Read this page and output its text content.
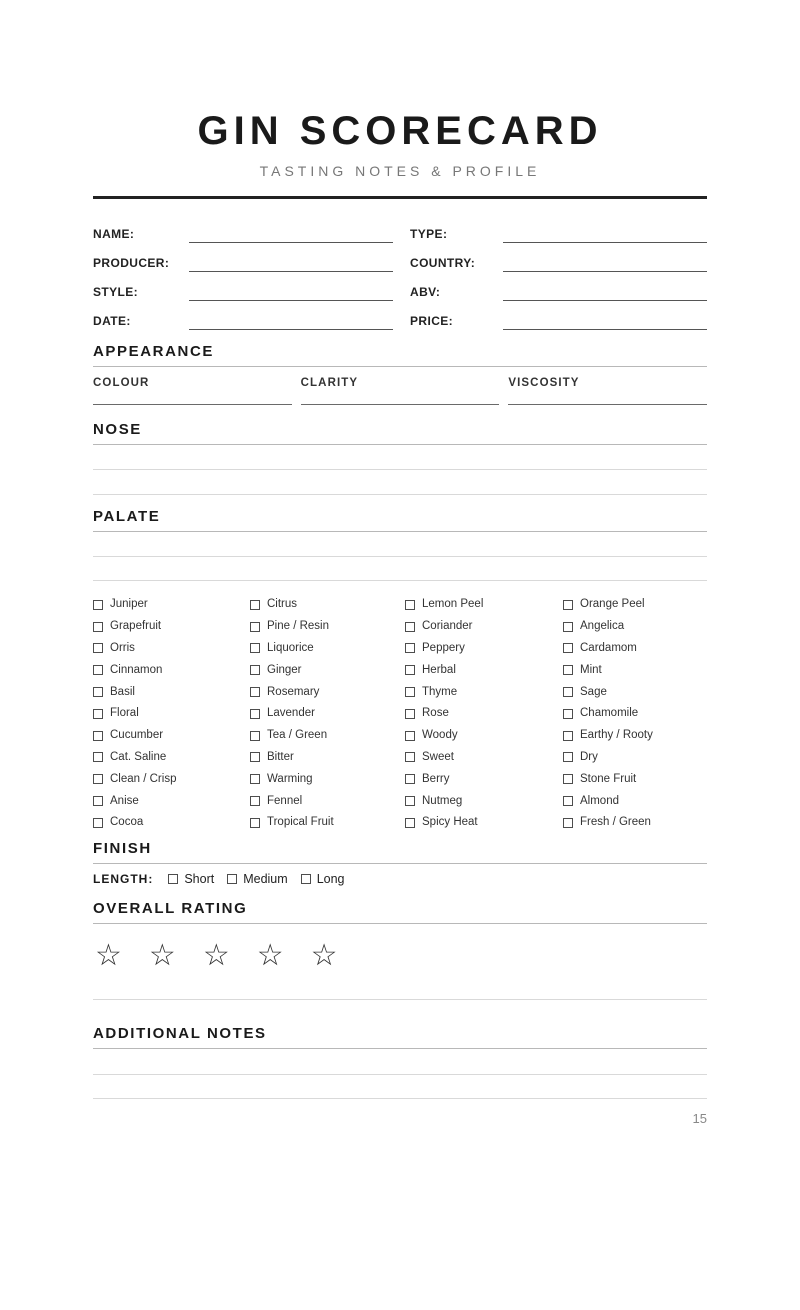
GIN SCORECARD
TASTING NOTES & PROFILE
NAME:	TYPE:
PRODUCER:	COUNTRY:
STYLE:	ABV:
DATE:	PRICE:
APPEARANCE
COLOUR	CLARITY	VISCOSITY
NOSE
PALATE
Juniper	Citrus	Lemon Peel	Orange Peel
Grapefruit	Pine / Resin	Coriander	Angelica
Orris	Liquorice	Peppery	Cardamom
Cinnamon	Ginger	Herbal	Mint
Basil	Rosemary	Thyme	Sage
Floral	Lavender	Rose	Chamomile
Cucumber	Tea / Green	Woody	Earthy / Rooty
Cat. Saline	Bitter	Sweet	Dry
Clean / Crisp	Warming	Berry	Stone Fruit
Anise	Fennel	Nutmeg	Almond
Cocoa	Tropical Fruit	Spicy Heat	Fresh / Green
FINISH
LENGTH: Short Medium Long
OVERALL RATING
☆ ☆ ☆ ☆ ☆
ADDITIONAL NOTES
15
